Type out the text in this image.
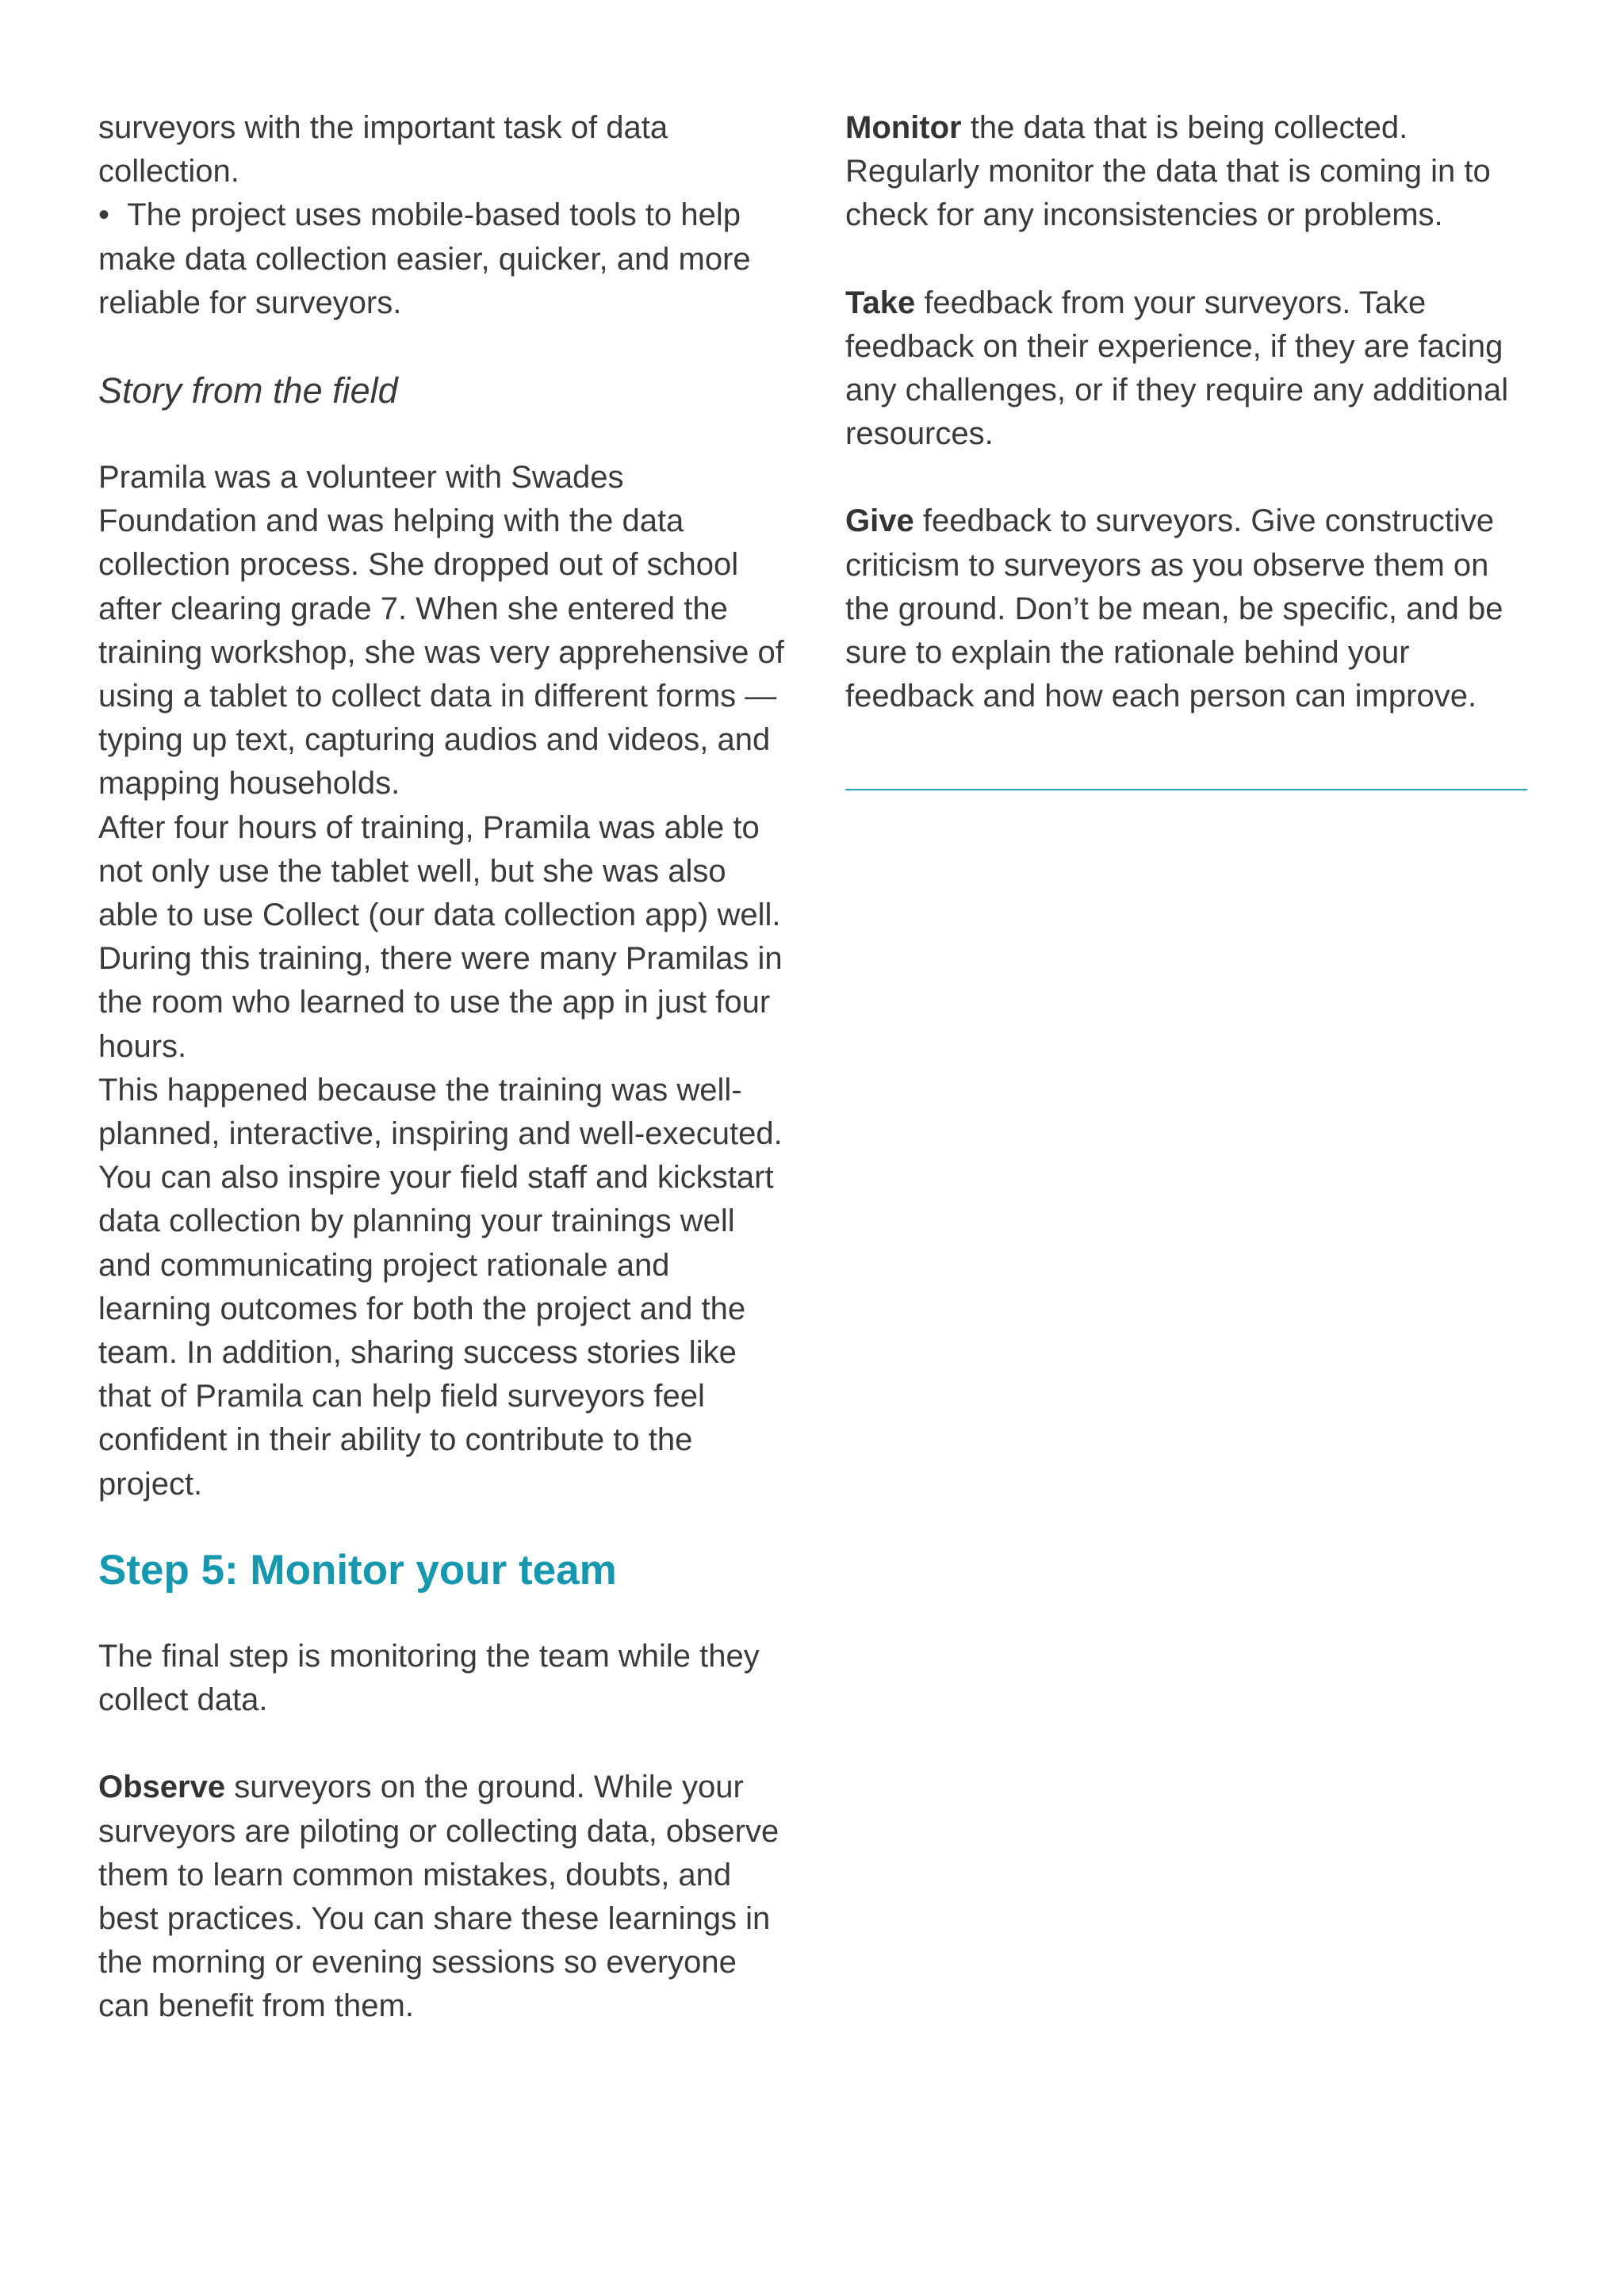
surveyors with the important task of data collection.

•  The project uses mobile-based tools to help make data collection easier, quicker, and more reliable for surveyors.

Story from the field

Pramila was a volunteer with Swades Foundation and was helping with the data collection process. She dropped out of school after clearing grade 7. When she entered the training workshop, she was very apprehensive of using a tablet to collect data in different forms — typing up text, capturing audios and videos, and mapping households.

After four hours of training, Pramila was able to not only use the tablet well, but she was also able to use Collect (our data collection app) well.

During this training, there were many Pramilas in the room who learned to use the app in just four hours.

This happened because the training was well-planned, interactive, inspiring and well-executed. You can also inspire your field staff and kickstart data collection by planning your trainings well and communicating project rationale and learning outcomes for both the project and the team. In addition, sharing success stories like that of Pramila can help field surveyors feel confident in their ability to contribute to the project.

Step 5: Monitor your team

The final step is monitoring the team while they collect data.

Observe surveyors on the ground. While your surveyors are piloting or collecting data, observe them to learn common mistakes, doubts, and best practices. You can share these learnings in the morning or evening sessions so everyone can benefit from them.

Monitor the data that is being collected. Regularly monitor the data that is coming in to check for any inconsistencies or problems.

Take feedback from your surveyors. Take feedback on their experience, if they are facing any challenges, or if they require any additional resources.

Give feedback to surveyors. Give constructive criticism to surveyors as you observe them on the ground. Don’t be mean, be specific, and be sure to explain the rationale behind your feedback and how each person can improve.
